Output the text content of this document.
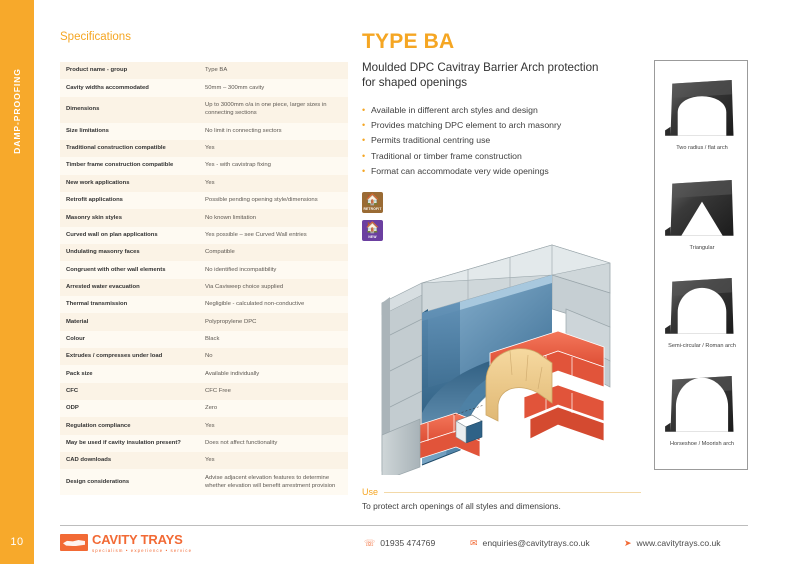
DAMP-PROOFING
10
Specifications
Product name - group	Type BA
Cavity widths accommodated	50mm – 300mm cavity
Dimensions	Up to 3000mm o/a in one piece, larger sizes in connecting sections
Size limitations	No limit in connecting sectors
Traditional construction compatible	Yes
Timber frame construction compatible	Yes - with cavistrap fixing
New work applications	Yes
Retrofit applications	Possible pending opening style/dimensions
Masonry skin styles	No known limitation
Curved wall on plan applications	Yes possible – see Curved Wall entries
Undulating masonry faces	Compatible
Congruent with other wall elements	No identified incompatibility
Arrested water evacuation	Via Caviweep choice supplied
Thermal transmission	Negligible - calculated non-conductive
Material	Polypropylene DPC
Colour	Black
Extrudes / compresses under load	No
Pack size	Available individually
CFC	CFC Free
ODP	Zero
Regulation compliance	Yes
May be used if cavity insulation present?	Does not affect functionality
CAD downloads	Yes
Design considerations	Advise adjacent elevation features to determine whether elevation will benefit arrestment provision
TYPE BA
Moulded DPC Cavitray Barrier Arch protection for shaped openings
• Available in different arch styles and design
• Provides matching DPC element to arch masonry
• Permits traditional centring use
• Traditional or timber frame construction
• Format can accommodate very wide openings
🏠
RETROFIT
🏠
NEW
Use
To protect arch openings of all styles and dimensions.
Two radius / flat arch
Triangular
Semi-circular / Roman arch
Horseshoe / Moorish arch
CAVITY TRAYS
specialism • experience • service
☏ 01935 474769	✉ enquiries@cavitytrays.co.uk	➤ www.cavitytrays.co.uk
